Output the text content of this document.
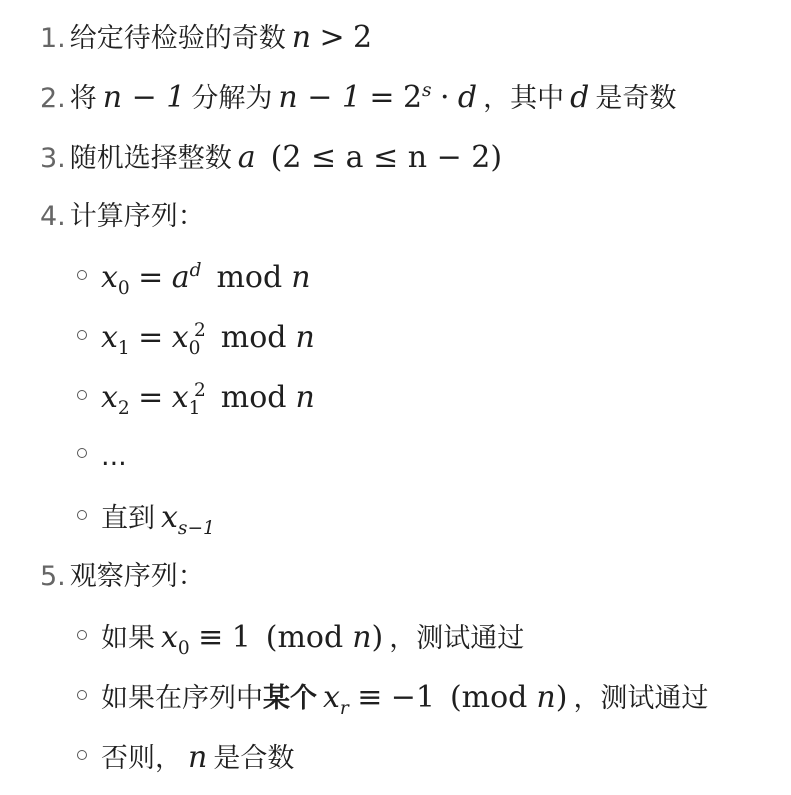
1. 给定待检验的奇数 n > 2
2. 将 n − 1 分解为 $n - 1 = 2^s \cdot d$ ，其中 d 是奇数
3. 随机选择整数 a (2 ≤ a ≤ n − 2)
4. 计算序列：
$x_0 = a^d$ mod n
$x_1 = x_0^2$ mod n
$x_2 = x_1^2$ mod n
...
直到 $x_{s-1}$
5. 观察序列：
如果 $x_0 \equiv 1$ (mod n) ，测试通过
如果在序列中 某个 $x_r \equiv -1$ (mod n) ，测试通过
否则， n 是合数
